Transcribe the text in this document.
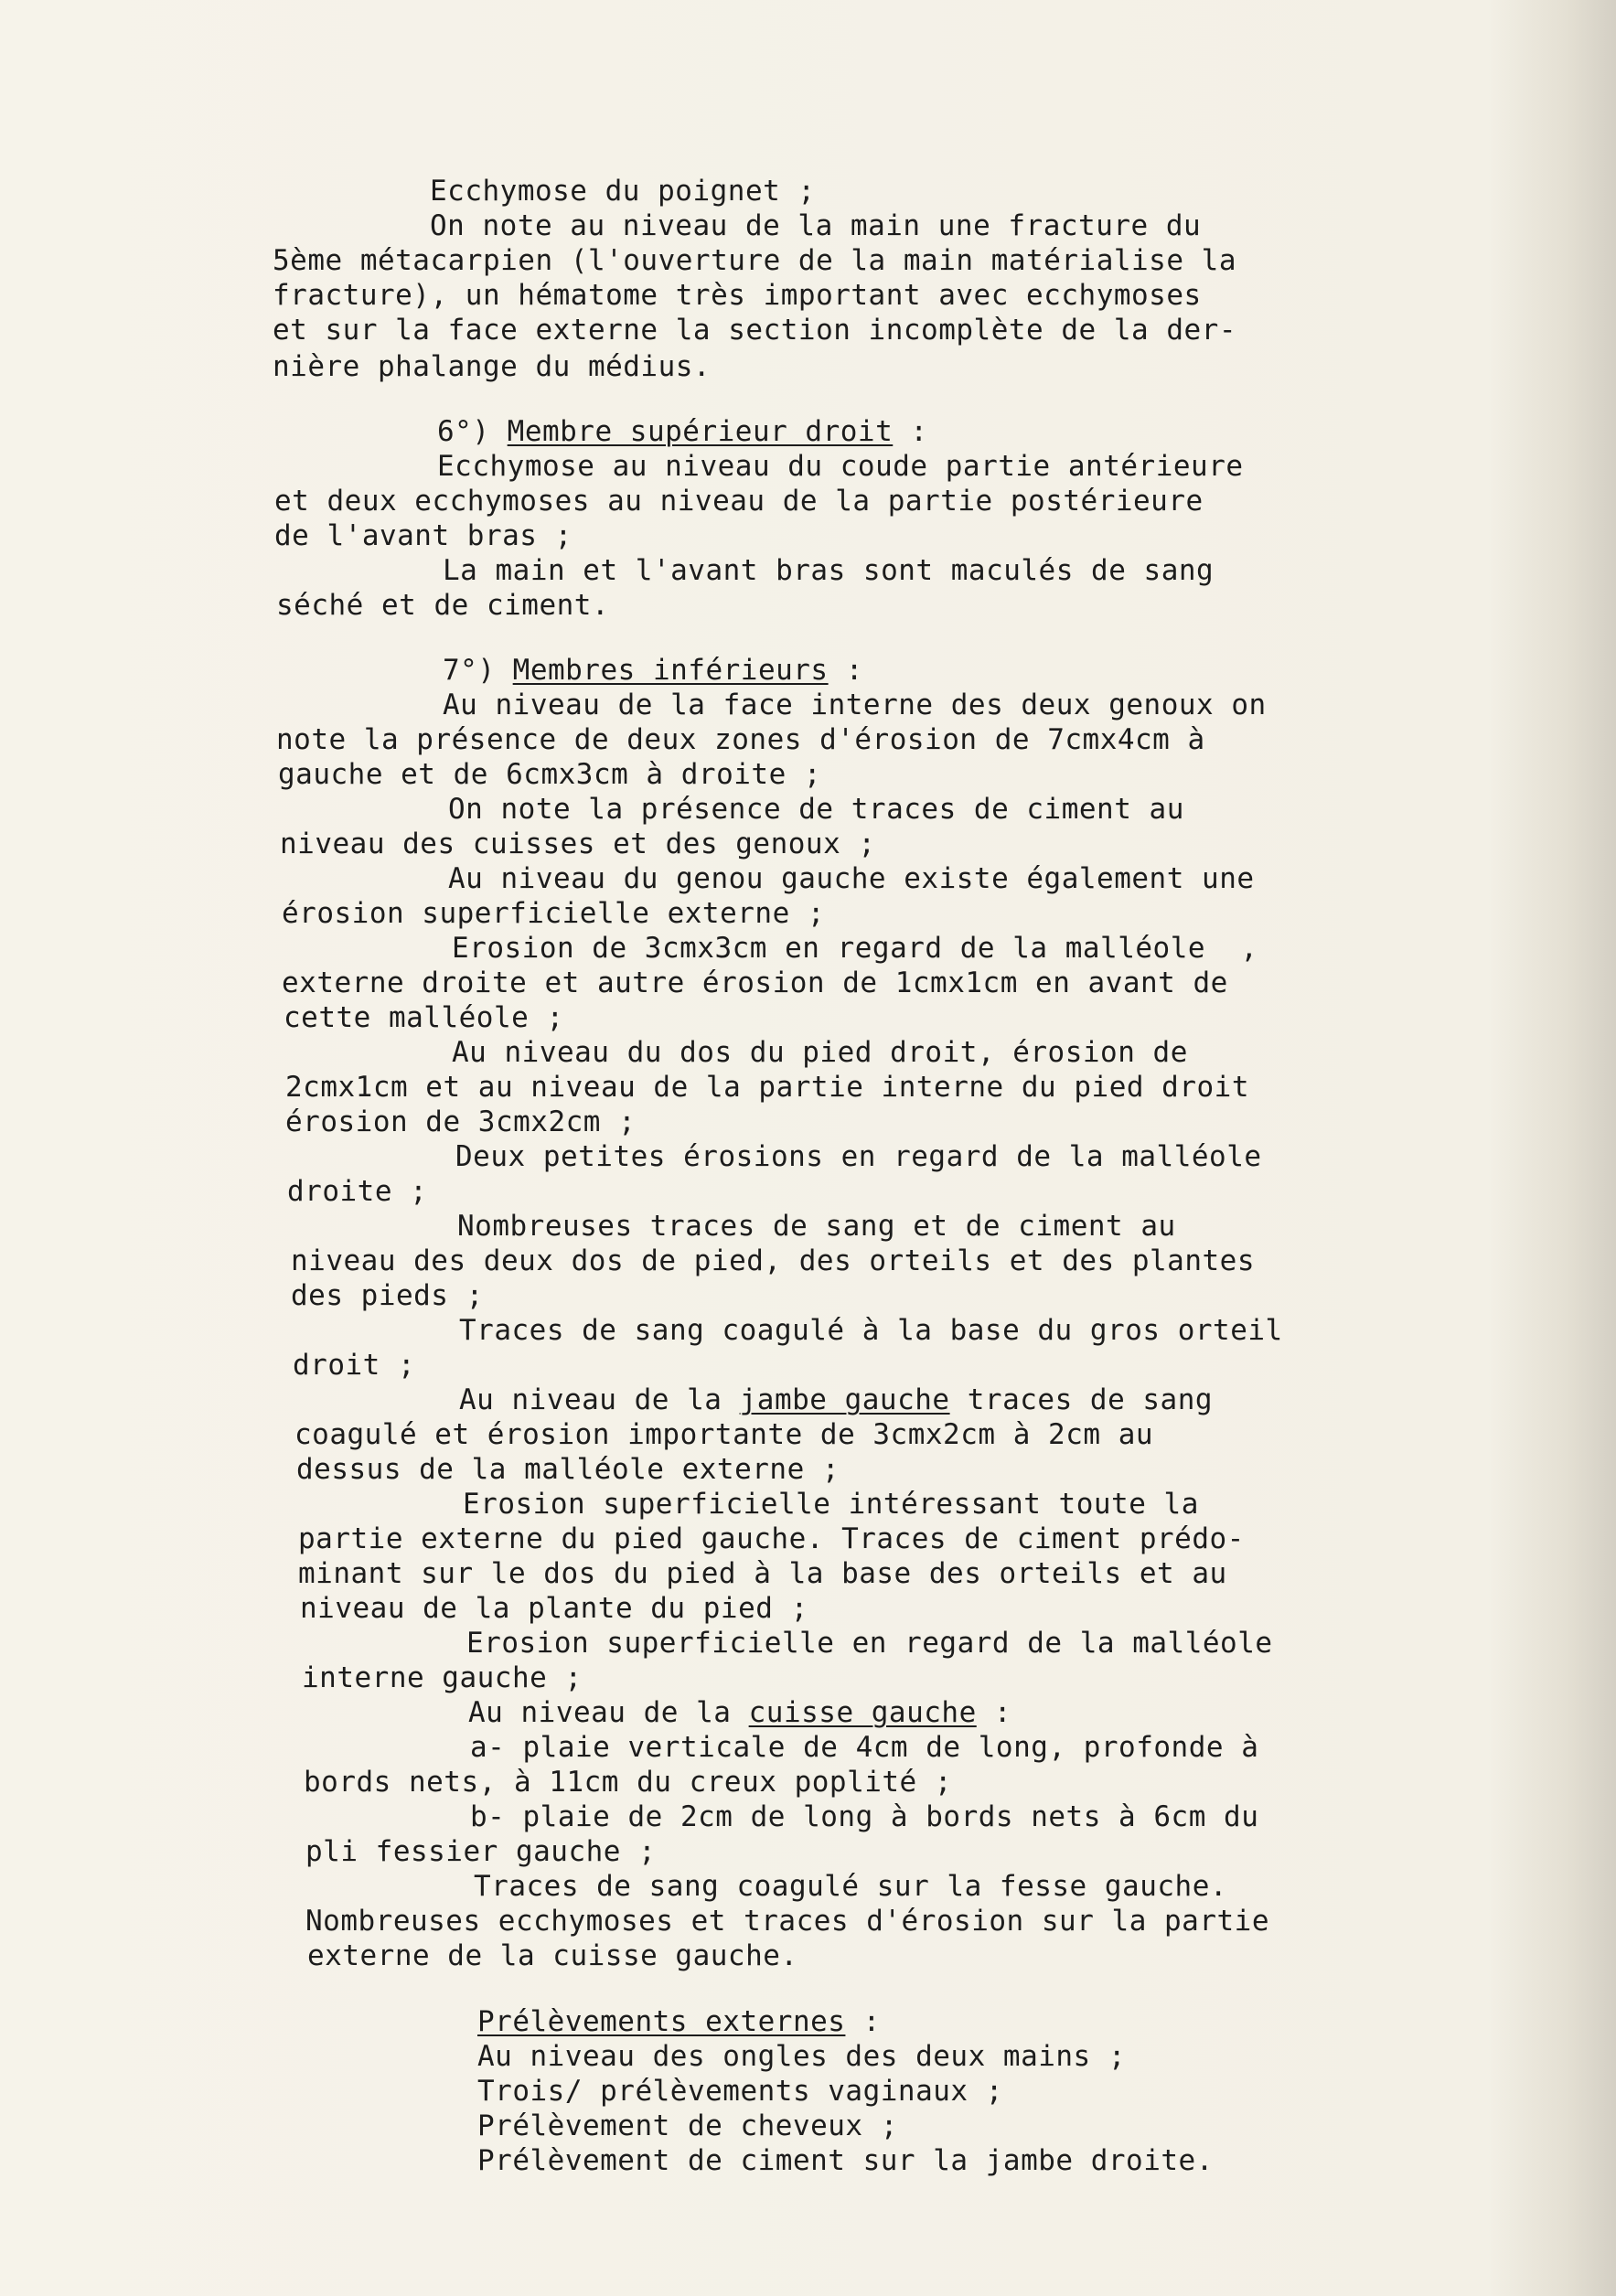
Ecchymose du poignet ;
On note au niveau de la main une fracture du
5ème métacarpien (l'ouverture de la main matérialise la
fracture), un hématome très important avec ecchymoses
et sur la face externe la section incomplète de la der-
nière phalange du médius.
6°) Membre supérieur droit :
Ecchymose au niveau du coude partie antérieure
et deux ecchymoses au niveau de la partie postérieure
de l'avant bras ;
La main et l'avant bras sont maculés de sang
séché et de ciment.
7°) Membres inférieurs :
Au niveau de la face interne des deux genoux on
note la présence de deux zones d'érosion de 7cmx4cm à
gauche et de 6cmx3cm à droite ;
On note la présence de traces de ciment au
niveau des cuisses et des genoux ;
Au niveau du genou gauche existe également une
érosion superficielle externe ;
Erosion de 3cmx3cm en regard de la malléole  ,
externe droite et autre érosion de 1cmx1cm en avant de
cette malléole ;
Au niveau du dos du pied droit, érosion de
2cmx1cm et au niveau de la partie interne du pied droit
érosion de 3cmx2cm ;
Deux petites érosions en regard de la malléole
droite ;
Nombreuses traces de sang et de ciment au
niveau des deux dos de pied, des orteils et des plantes
des pieds ;
Traces de sang coagulé à la base du gros orteil
droit ;
Au niveau de la jambe gauche traces de sang
coagulé et érosion importante de 3cmx2cm à 2cm au
dessus de la malléole externe ;
Erosion superficielle intéressant toute la
partie externe du pied gauche. Traces de ciment prédo-
minant sur le dos du pied à la base des orteils et au
niveau de la plante du pied ;
Erosion superficielle en regard de la malléole
interne gauche ;
Au niveau de la cuisse gauche :
a- plaie verticale de 4cm de long, profonde à
bords nets, à 11cm du creux poplité ;
b- plaie de 2cm de long à bords nets à 6cm du
pli fessier gauche ;
Traces de sang coagulé sur la fesse gauche.
Nombreuses ecchymoses et traces d'érosion sur la partie
externe de la cuisse gauche.
Prélèvements externes :
Au niveau des ongles des deux mains ;
Trois/ prélèvements vaginaux ;
Prélèvement de cheveux ;
Prélèvement de ciment sur la jambe droite.
